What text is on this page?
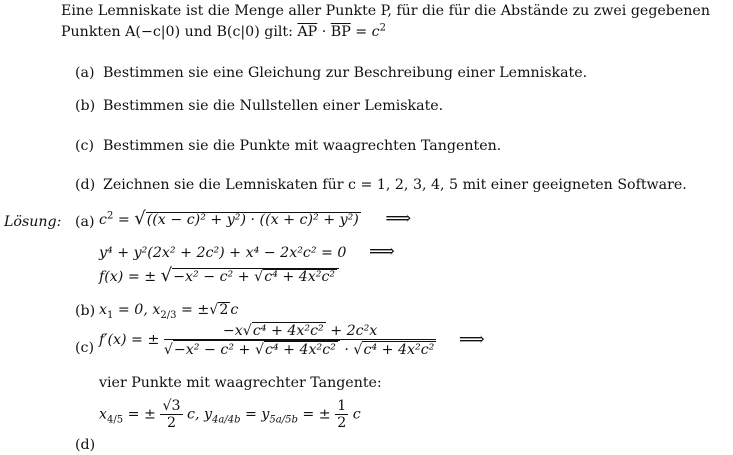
Eine Lemniskate ist die Menge aller Punkte P, für die für die Abstände zu zwei gegebenen
Punkten A(−c|0) und B(c|0) gilt: $\overline{AP} \cdot \overline{BP} = c^2$
(a) Bestimmen sie eine Gleichung zur Beschreibung einer Lemniskate.
(b) Bestimmen sie die Nullstellen einer Lemiskate.
(c) Bestimmen sie die Punkte mit waagrechten Tangenten.
(d) Zeichnen sie die Lemniskaten für c = 1, 2, 3, 4, 5 mit einer geeigneten Software.
Lösung: (a) $c^2 = √((x - c)^2 + y^2) \cdot ((x + c)^2 + y^2)$ ⟹
y⁴ + y²(2x² + 2c²) + x⁴ − 2x²c² = 0 ⟹
f(x) = ± √−x² − c² + √c⁴ + 4x²c²
(b) $x_1 = 0$, $x_{2/3} = \pm√2$ c
(c) f′(x) = ± $\frac{\text{−x√c⁴ + 4x²c² + 2c²x}}{\text{√−x² − c² + √c⁴ + 4x²c² · √c⁴ + 4x²c²}}$ ⟹
vier Punkte mit waagrechter Tangente:
$x_{4/5}$ = ± $\frac{√3}{2} c$, $y_{4a/4b} = y_{5a/5b}$ = ± $\frac{1}{2}$ c
(d)
